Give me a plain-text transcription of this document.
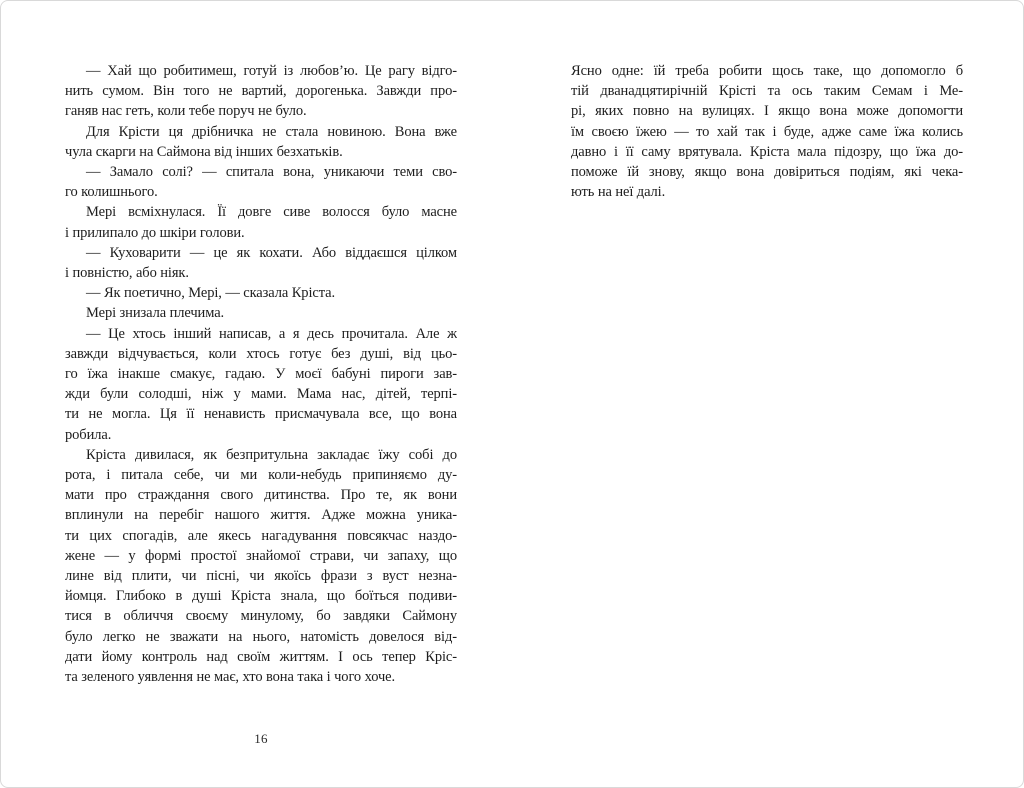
— Хай що робитимеш, готуй із любов’ю. Це рагу відго-
нить сумом. Він того не вартий, дорогенька. Завжди про-
ганяв нас геть, коли тебе поруч не було.

Для Крісти ця дрібничка не стала новиною. Вона вже
чула скарги на Саймона від інших безхатьків.

— Замало солі? — спитала вона, уникаючи теми сво-
го колишнього.

Мері всміхнулася. Її довге сиве волосся було масне
і прилипало до шкіри голови.

— Куховарити — це як кохати. Або віддаєшся цілком
і повністю, або ніяк.

— Як поетично, Мері, — сказала Кріста.

Мері знизала плечима.

— Це хтось інший написав, а я десь прочитала. Але ж
завжди відчувається, коли хтось готує без душі, від цьо-
го їжа інакше смакує, гадаю. У моєї бабуні пироги зав-
жди були солодші, ніж у мами. Мама нас, дітей, терпі-
ти не могла. Ця її ненависть присмачувала все, що вона
робила.

Кріста дивилася, як безпритульна закладає їжу собі до
рота, і питала себе, чи ми коли-небудь припиняємо ду-
мати про страждання свого дитинства. Про те, як вони
вплинули на перебіг нашого життя. Адже можна уника-
ти цих спогадів, але якесь нагадування повсякчас наздо-
жене — у формі простої знайомої страви, чи запаху, що
лине від плити, чи пісні, чи якоїсь фрази з вуст незна-
йомця. Глибоко в душі Кріста знала, що боїться подиви-
тися в обличчя своєму минулому, бо завдяки Саймону
було легко не зважати на нього, натомість довелося від-
дати йому контроль над своїм життям. І ось тепер Кріс-
та зеленого уявлення не має, хто вона така і чого хоче.

Ясно одне: їй треба робити щось таке, що допомогло б
тій дванадцятирічній Крісті та ось таким Семам і Ме-
рі, яких повно на вулицях. І якщо вона може допомогти
їм своєю їжею — то хай так і буде, адже саме їжа колись
давно і її саму врятувала. Кріста мала підозру, що їжа до-
поможе їй знову, якщо вона довіриться подіям, які чека-
ють на неї далі.

16
